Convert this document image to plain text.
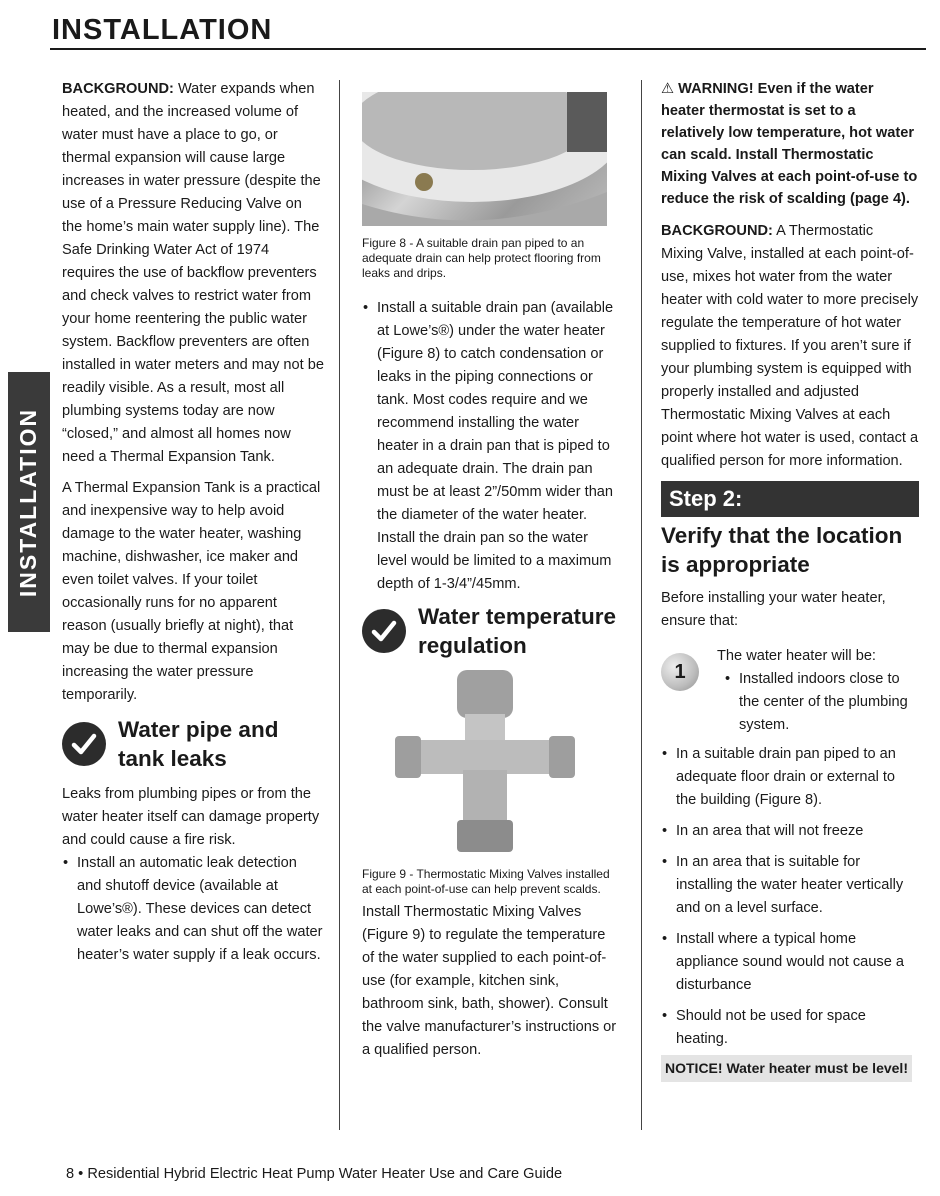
INSTALLATION
INSTALLATION

BACKGROUND: Water expands when heated, and the increased volume of water must have a place to go, or thermal expansion will cause large increases in water pressure (despite the use of a Pressure Reducing Valve on the home’s main water supply line). The Safe Drinking Water Act of 1974 requires the use of backflow preventers and check valves to restrict water from your home reentering the public water system. Backflow preventers are often installed in water meters and may not be readily visible. As a result, most all plumbing systems today are now “closed,” and almost all homes now need a Thermal Expansion Tank.

A Thermal Expansion Tank is a practical and inexpensive way to help avoid damage to the water heater, washing machine, dishwasher, ice maker and even toilet valves. If your toilet occasionally runs for no apparent reason (usually briefly at night), that may be due to thermal expansion increasing the water pressure temporarily.

Water pipe and tank leaks

Leaks from plumbing pipes or from the water heater itself can damage property and could cause a fire risk.

• Install an automatic leak detection and shutoff device (available at Lowe’s®). These devices can detect water leaks and can shut off the water heater’s water supply if a leak occurs.
Figure 8 - A suitable drain pan piped to an adequate drain can help protect flooring from leaks and drips.
• Install a suitable drain pan (available at Lowe’s®) under the water heater (Figure 8) to catch condensation or leaks in the piping connections or tank. Most codes require and we recommend installing the water heater in a drain pan that is piped to an adequate drain. The drain pan must be at least 2”/50mm wider than the diameter of the water heater. Install the drain pan so the water level would be limited to a maximum depth of 1-3/4”/45mm.
Water temperature regulation
Figure 9 - Thermostatic Mixing Valves installed at each point-of-use can help prevent scalds.

Install Thermostatic Mixing Valves (Figure 9) to regulate the temperature of the water supplied to each point-of-use (for example, kitchen sink, bathroom sink, bath, shower). Consult the valve manufacturer’s instructions or a qualified person.

⚠ WARNING! Even if the water heater thermostat is set to a relatively low temperature, hot water can scald. Install Thermostatic Mixing Valves at each point-of-use to reduce the risk of scalding (page 4).

BACKGROUND: A Thermostatic Mixing Valve, installed at each point-of-use, mixes hot water from the water heater with cold water to more precisely regulate the temperature of hot water supplied to fixtures. If you aren’t sure if your plumbing system is equipped with properly installed and adjusted Thermostatic Mixing Valves at each point where hot water is used, contact a qualified person for more information.

Step 2:
Verify that the location is appropriate

Before installing your water heater, ensure that:

1
The water heater will be:
• Installed indoors close to the center of the plumbing system.
• In a suitable drain pan piped to an adequate floor drain or external to the building (Figure 8).
• In an area that will not freeze
• In an area that is suitable for installing the water heater vertically and on a level surface.
• Install where a typical home appliance sound would not cause a disturbance
• Should not be used for space heating.
NOTICE! Water heater must be level!
8 • Residential Hybrid Electric Heat Pump Water Heater Use and Care Guide
